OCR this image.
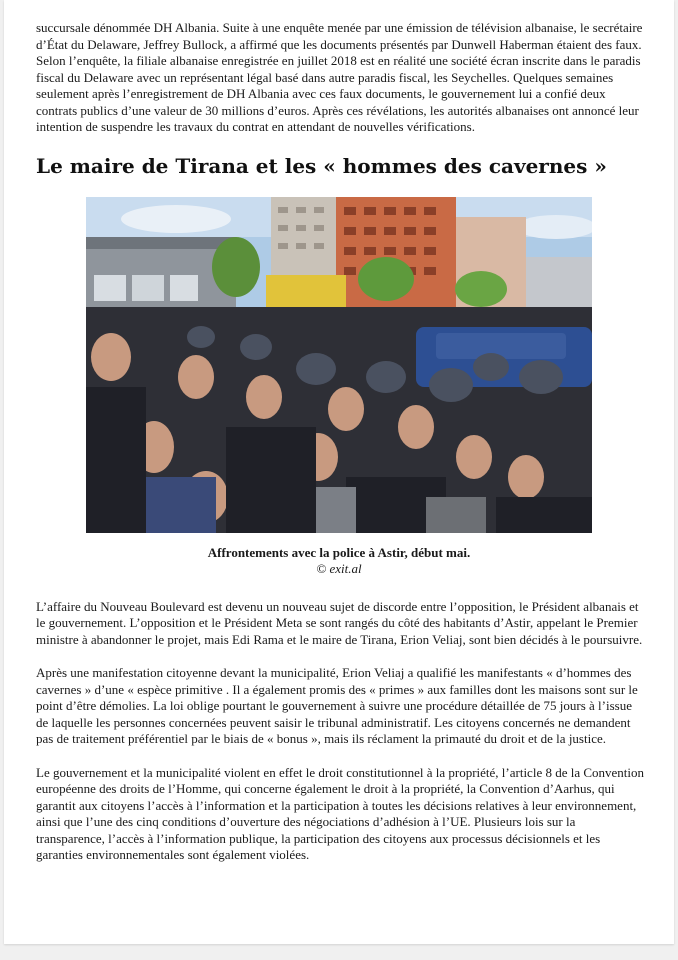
succursale dénommée DH Albania. Suite à une enquête menée par une émission de télévision albanaise, le secrétaire d’État du Delaware, Jeffrey Bullock, a affirmé que les documents présentés par Dunwell Haberman étaient des faux. Selon l’enquête, la filiale albanaise enregistrée en juillet 2018 est en réalité une société écran inscrite dans le paradis fiscal du Delaware avec un représentant légal basé dans autre paradis fiscal, les Seychelles. Quelques semaines seulement après l’enregistrement de DH Albania avec ces faux documents, le gouvernement lui a confié deux contrats publics d’une valeur de 30 millions d’euros. Après ces révélations, les autorités albanaises ont annoncé leur intention de suspendre les travaux du contrat en attendant de nouvelles vérifications.

Le maire de Tirana et les « hommes des cavernes »
Affrontements avec la police à Astir, début mai.
© exit.al

L’affaire du Nouveau Boulevard est devenu un nouveau sujet de discorde entre l’opposition, le Président albanais et le gouvernement. L’opposition et le Président Meta se sont rangés du côté des habitants d’Astir, appelant le Premier ministre à abandonner le projet, mais Edi Rama et le maire de Tirana, Erion Veliaj, sont bien décidés à le poursuivre.

Après une manifestation citoyenne devant la municipalité, Erion Veliaj a qualifié les manifestants « d’hommes des cavernes » d’une « espèce primitive . Il a également promis des « primes » aux familles dont les maisons sont sur le point d’être démolies. La loi oblige pourtant le gouvernement à suivre une procédure détaillée de 75 jours à l’issue de laquelle les personnes concernées peuvent saisir le tribunal administratif. Les citoyens concernés ne demandent pas de traitement préférentiel par le biais de « bonus », mais ils réclament la primauté du droit et de la justice.

Le gouvernement et la municipalité violent en effet le droit constitutionnel à la propriété, l’article 8 de la Convention européenne des droits de l’Homme, qui concerne également le droit à la propriété, la Convention d’Aarhus, qui garantit aux citoyens l’accès à l’information et la participation à toutes les décisions relatives à leur environnement, ainsi que l’une des cinq conditions d’ouverture des négociations d’adhésion à l’UE. Plusieurs lois sur la transparence, l’accès à l’information publique, la participation des citoyens aux processus décisionnels et les garanties environnementales sont également violées.
